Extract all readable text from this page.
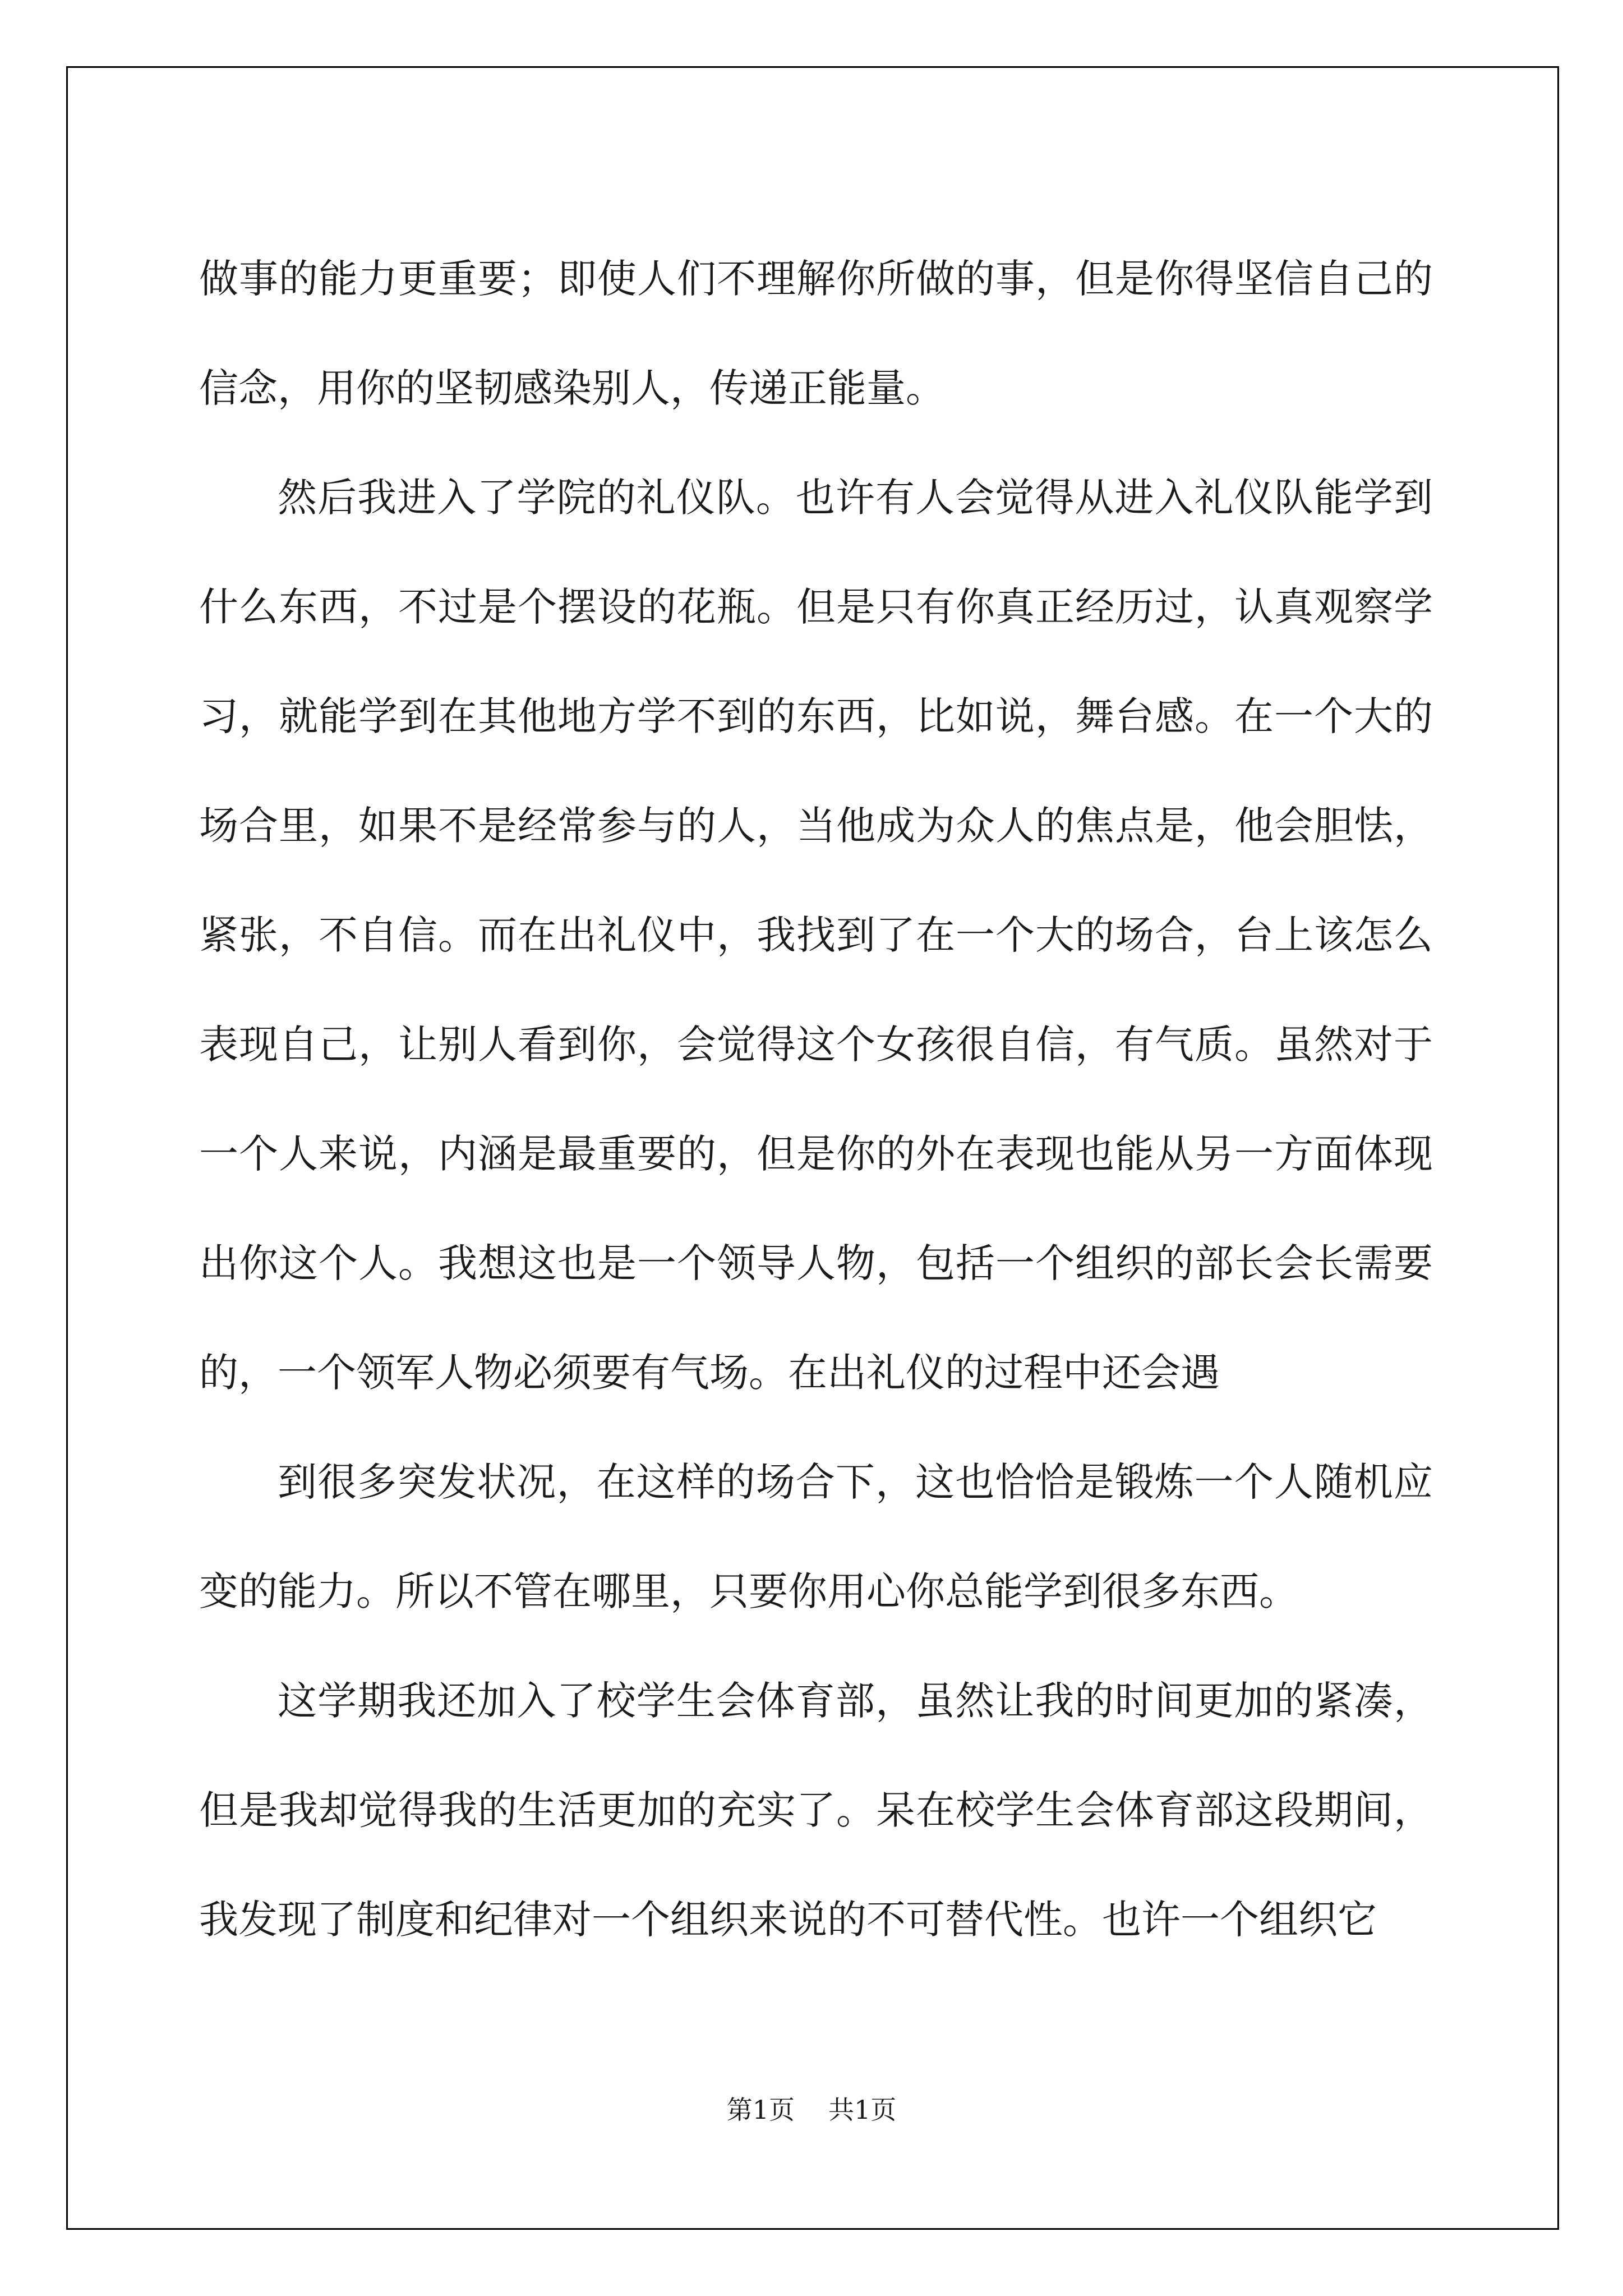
做事的能力更重要；即使人们不理解你所做的事，但是你得坚信自己的信念，用你的坚韧感染别人，传递正能量。

然后我进入了学院的礼仪队。也许有人会觉得从进入礼仪队能学到什么东西，不过是个摆设的花瓶。但是只有你真正经历过，认真观察学习，就能学到在其他地方学不到的东西，比如说，舞台感。在一个大的场合里，如果不是经常参与的人，当他成为众人的焦点是，他会胆怯，紧张，不自信。而在出礼仪中，我找到了在一个大的场合，台上该怎么表现自己，让别人看到你，会觉得这个女孩很自信，有气质。虽然对于一个人来说，内涵是最重要的，但是你的外在表现也能从另一方面体现出你这个人。我想这也是一个领导人物，包括一个组织的部长会长需要的，一个领军人物必须要有气场。在出礼仪的过程中还会遇

到很多突发状况，在这样的场合下，这也恰恰是锻炼一个人随机应变的能力。所以不管在哪里，只要你用心你总能学到很多东西。

这学期我还加入了校学生会体育部，虽然让我的时间更加的紧凑，但是我却觉得我的生活更加的充实了。呆在校学生会体育部这段期间，我发现了制度和纪律对一个组织来说的不可替代性。也许一个组织它

第1页 共1页
